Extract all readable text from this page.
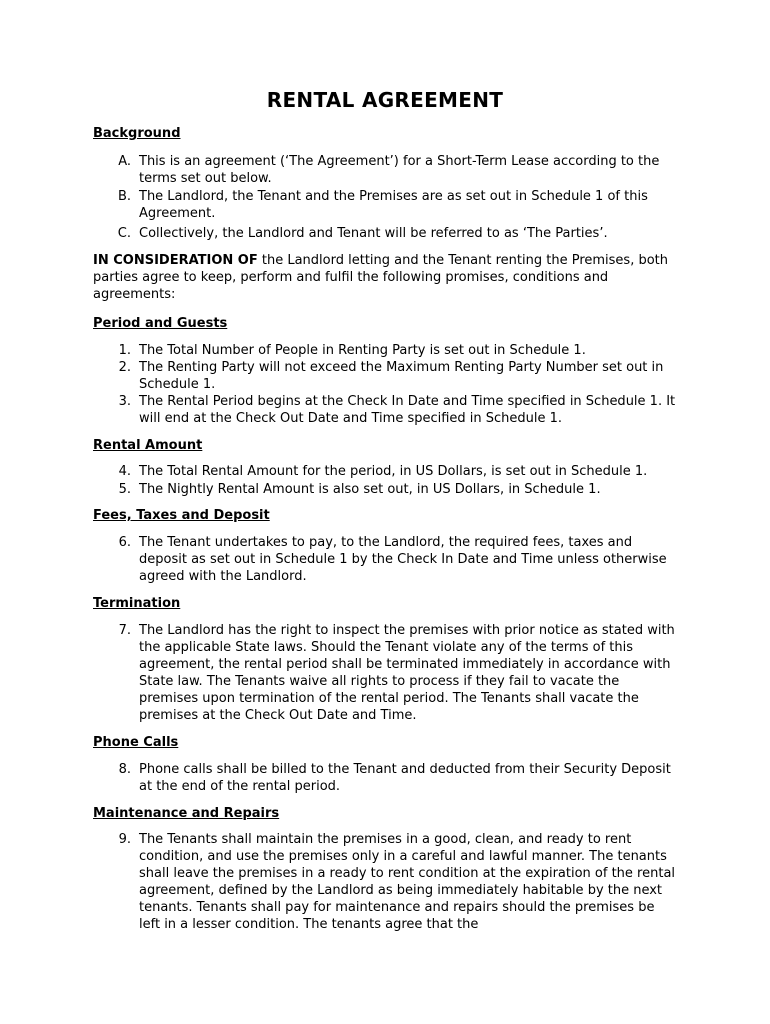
RENTAL AGREEMENT
Background
A. This is an agreement (‘The Agreement’) for a Short-Term Lease according to the terms set out below.
B. The Landlord, the Tenant and the Premises are as set out in Schedule 1 of this Agreement.
C. Collectively, the Landlord and Tenant will be referred to as ‘The Parties’.
IN CONSIDERATION OF the Landlord letting and the Tenant renting the Premises, both parties agree to keep, perform and fulfil the following promises, conditions and agreements:
Period and Guests
1. The Total Number of People in Renting Party is set out in Schedule 1.
2. The Renting Party will not exceed the Maximum Renting Party Number set out in Schedule 1.
3. The Rental Period begins at the Check In Date and Time specified in Schedule 1. It will end at the Check Out Date and Time specified in Schedule 1.
Rental Amount
4. The Total Rental Amount for the period, in US Dollars, is set out in Schedule 1.
5. The Nightly Rental Amount is also set out, in US Dollars, in Schedule 1.
Fees, Taxes and Deposit
6. The Tenant undertakes to pay, to the Landlord, the required fees, taxes and deposit as set out in Schedule 1 by the Check In Date and Time unless otherwise agreed with the Landlord.
Termination
7. The Landlord has the right to inspect the premises with prior notice as stated with the applicable State laws. Should the Tenant violate any of the terms of this agreement, the rental period shall be terminated immediately in accordance with State law. The Tenants waive all rights to process if they fail to vacate the premises upon termination of the rental period. The Tenants shall vacate the premises at the Check Out Date and Time.
Phone Calls
8. Phone calls shall be billed to the Tenant and deducted from their Security Deposit at the end of the rental period.
Maintenance and Repairs
9. The Tenants shall maintain the premises in a good, clean, and ready to rent condition, and use the premises only in a careful and lawful manner. The tenants shall leave the premises in a ready to rent condition at the expiration of the rental agreement, defined by the Landlord as being immediately habitable by the next tenants. Tenants shall pay for maintenance and repairs should the premises be left in a lesser condition. The tenants agree that the
